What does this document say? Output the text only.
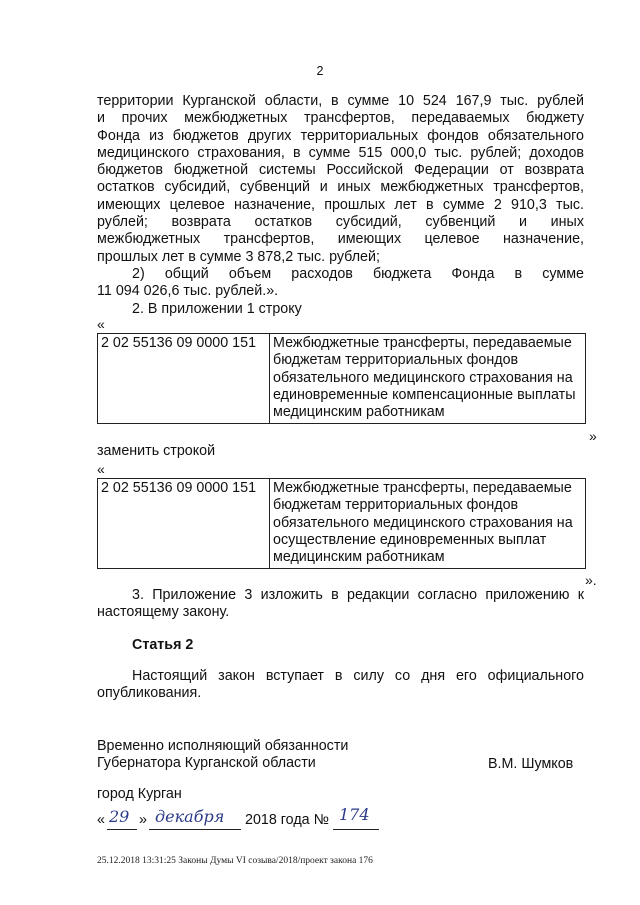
2
территории Курганской области, в сумме 10 524 167,9 тыс. рублей
и прочих межбюджетных трансфертов, передаваемых бюджету
Фонда из бюджетов других территориальных фондов обязательного
медицинского страхования, в сумме 515 000,0 тыс. рублей; доходов
бюджетов бюджетной системы Российской Федерации от возврата
остатков субсидий, субвенций и иных межбюджетных трансфертов,
имеющих целевое назначение, прошлых лет в сумме 2 910,3 тыс.
рублей; возврата остатков субсидий, субвенций и иных
межбюджетных трансфертов, имеющих целевое назначение,
прошлых лет в сумме 3 878,2 тыс. рублей;
2) общий объем расходов бюджета Фонда в сумме
11 094 026,6 тыс. рублей.».
2. В приложении 1 строку
«
2 02 55136 09 0000 151	Межбюджетные трансферты, передаваемые
бюджетам территориальных фондов
обязательного медицинского страхования на
единовременные компенсационные выплаты
медицинским работникам
»
заменить строкой
«
2 02 55136 09 0000 151	Межбюджетные трансферты, передаваемые
бюджетам территориальных фондов
обязательного медицинского страхования на
осуществление единовременных выплат
медицинским работникам
».
3. Приложение 3 изложить в редакции согласно приложению к
настоящему закону.
Статья 2
Настоящий закон вступает в силу со дня его официального
опубликования.
Временно исполняющий обязанности
Губернатора Курганской области	В.М. Шумков
город Курган
« 29 » декабря 2018 года № 174
25.12.2018 13:31:25 Законы Думы VI созыва/2018/проект закона 176
